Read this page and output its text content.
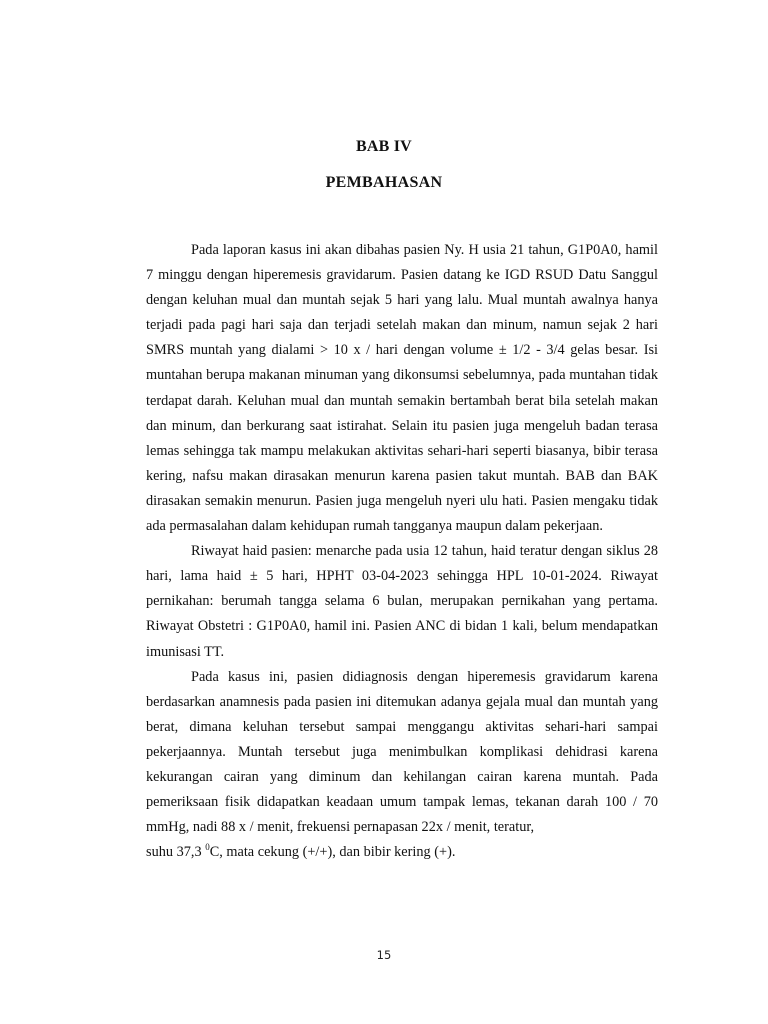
BAB IV
PEMBAHASAN

Pada laporan kasus ini akan dibahas pasien Ny. H usia 21 tahun, G1P0A0, hamil 7 minggu dengan hiperemesis gravidarum. Pasien datang ke IGD RSUD Datu Sanggul dengan keluhan mual dan muntah sejak 5 hari yang lalu. Mual muntah awalnya hanya terjadi pada pagi hari saja dan terjadi setelah makan dan minum, namun sejak 2 hari SMRS muntah yang dialami > 10 x / hari dengan volume ± 1/2 - 3/4 gelas besar. Isi muntahan berupa makanan minuman yang dikonsumsi sebelumnya, pada muntahan tidak terdapat darah. Keluhan mual dan muntah semakin bertambah berat bila setelah makan dan minum, dan berkurang saat istirahat. Selain itu pasien juga mengeluh badan terasa lemas sehingga tak mampu melakukan aktivitas sehari-hari seperti biasanya, bibir terasa kering, nafsu makan dirasakan menurun karena pasien takut muntah. BAB dan BAK dirasakan semakin menurun. Pasien juga mengeluh nyeri ulu hati. Pasien mengaku tidak ada permasalahan dalam kehidupan rumah tangganya maupun dalam pekerjaan.

Riwayat haid pasien: menarche pada usia 12 tahun, haid teratur dengan siklus 28 hari, lama haid ± 5 hari, HPHT 03-04-2023 sehingga HPL 10-01-2024. Riwayat pernikahan: berumah tangga selama 6 bulan, merupakan pernikahan yang pertama. Riwayat Obstetri : G1P0A0, hamil ini. Pasien ANC di bidan 1 kali, belum mendapatkan imunisasi TT.

Pada kasus ini, pasien didiagnosis dengan hiperemesis gravidarum karena berdasarkan anamnesis pada pasien ini ditemukan adanya gejala mual dan muntah yang berat, dimana keluhan tersebut sampai menggangu aktivitas sehari-hari sampai pekerjaannya. Muntah tersebut juga menimbulkan komplikasi dehidrasi karena kekurangan cairan yang diminum dan kehilangan cairan karena muntah. Pada pemeriksaan fisik didapatkan keadaan umum tampak lemas, tekanan darah 100 / 70 mmHg, nadi 88 x / menit, frekuensi pernapasan 22x / menit, teratur,

suhu 37,3 $^0$C, mata cekung (+/+), dan bibir kering (+).

15
